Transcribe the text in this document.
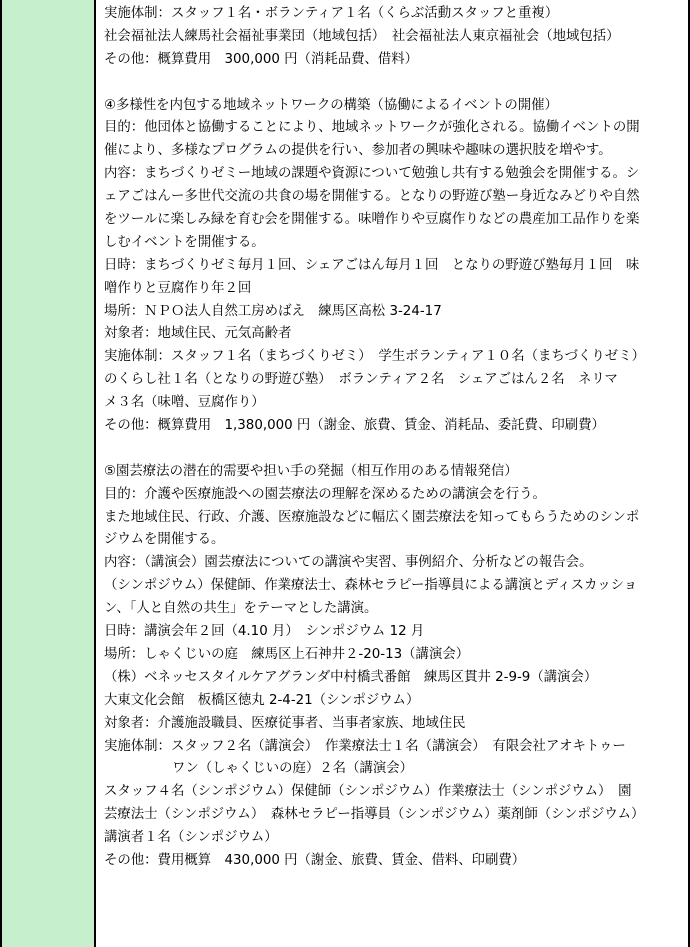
実施体制：スタッフ１名・ボランティア１名（くらぶ活動スタッフと重複）
社会福祉法人練馬社会福祉事業団（地域包括）　社会福祉法人東京福祉会（地域包括）
その他：概算費用　300,000 円（消耗品費、借料）
④多様性を内包する地域ネットワークの構築（協働によるイベントの開催）
目的：他団体と協働することにより、地域ネットワークが強化される。協働イベントの開
催により、多様なプログラムの提供を行い、参加者の興味や趣味の選択肢を増やす。
内容：まちづくりゼミー地域の課題や資源について勉強し共有する勉強会を開催する。シ
ェアごはんー多世代交流の共食の場を開催する。となりの野遊び塾ー身近なみどりや自然
をツールに楽しみ緑を育む会を開催する。味噌作りや豆腐作りなどの農産加工品作りを楽
しむイベントを開催する。
日時：まちづくりゼミ毎月１回、シェアごはん毎月１回　となりの野遊び塾毎月１回　味
噌作りと豆腐作り年２回
場所：ＮＰＯ法人自然工房めばえ　練馬区高松 3-24-17
対象者：地域住民、元気高齢者
実施体制：スタッフ１名（まちづくりゼミ）　学生ボランティア１０名（まちづくりゼミ）
のくらし社１名（となりの野遊び塾）　ボランティア２名　シェアごはん２名　ネリマ
メ３名（味噌、豆腐作り）
その他：概算費用　1,380,000 円（謝金、旅費、賃金、消耗品、委託費、印刷費）
⑤園芸療法の潜在的需要や担い手の発掘（相互作用のある情報発信）
目的：介護や医療施設への園芸療法の理解を深めるための講演会を行う。
また地域住民、行政、介護、医療施設などに幅広く園芸療法を知ってもらうためのシンポ
ジウムを開催する。
内容：（講演会）園芸療法についての講演や実習、事例紹介、分析などの報告会。
（シンポジウム）保健師、作業療法士、森林セラピー指導員による講演とディスカッショ
ン、「人と自然の共生」をテーマとした講演。
日時：講演会年２回（4.10 月）　シンポジウム 12 月
場所：しゃくじいの庭　練馬区上石神井２-20-13（講演会）
（株）ベネッセスタイルケアグランダ中村橋弐番館　練馬区貫井 2-9-9（講演会）
大東文化会館　板橋区徳丸 2-4-21（シンポジウム）
対象者：介護施設職員、医療従事者、当事者家族、地域住民
実施体制：スタッフ２名（講演会）　作業療法士１名（講演会）　有限会社アオキトゥー
ワン（しゃくじいの庭）２名（講演会）
スタッフ４名（シンポジウム）保健師（シンポジウム）作業療法士（シンポジウム）　園
芸療法士（シンポジウム）　森林セラピー指導員（シンポジウム）薬剤師（シンポジウム）
講演者１名（シンポジウム）
その他：費用概算　430,000 円（謝金、旅費、賃金、借料、印刷費）
